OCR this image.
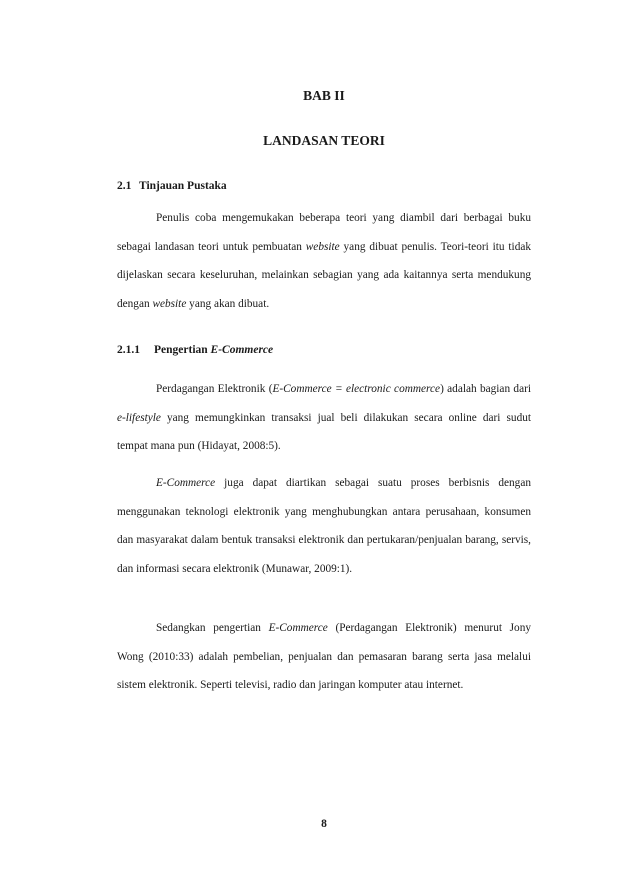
BAB II
LANDASAN TEORI
2.1 Tinjauan Pustaka

Penulis coba mengemukakan beberapa teori yang diambil dari berbagai buku sebagai landasan teori untuk pembuatan website yang dibuat penulis. Teori-teori itu tidak dijelaskan secara keseluruhan, melainkan sebagian yang ada kaitannya serta mendukung dengan website yang akan dibuat.

2.1.1 Pengertian E-Commerce

Perdagangan Elektronik (E-Commerce = electronic commerce) adalah bagian dari e-lifestyle yang memungkinkan transaksi jual beli dilakukan secara online dari sudut tempat mana pun (Hidayat, 2008:5).

E-Commerce juga dapat diartikan sebagai suatu proses berbisnis dengan menggunakan teknologi elektronik yang menghubungkan antara perusahaan, konsumen dan masyarakat dalam bentuk transaksi elektronik dan pertukaran/penjualan barang, servis, dan informasi secara elektronik (Munawar, 2009:1).

Sedangkan pengertian E-Commerce (Perdagangan Elektronik) menurut Jony Wong (2010:33) adalah pembelian, penjualan dan pemasaran barang serta jasa melalui sistem elektronik. Seperti televisi, radio dan jaringan komputer atau internet.

8
